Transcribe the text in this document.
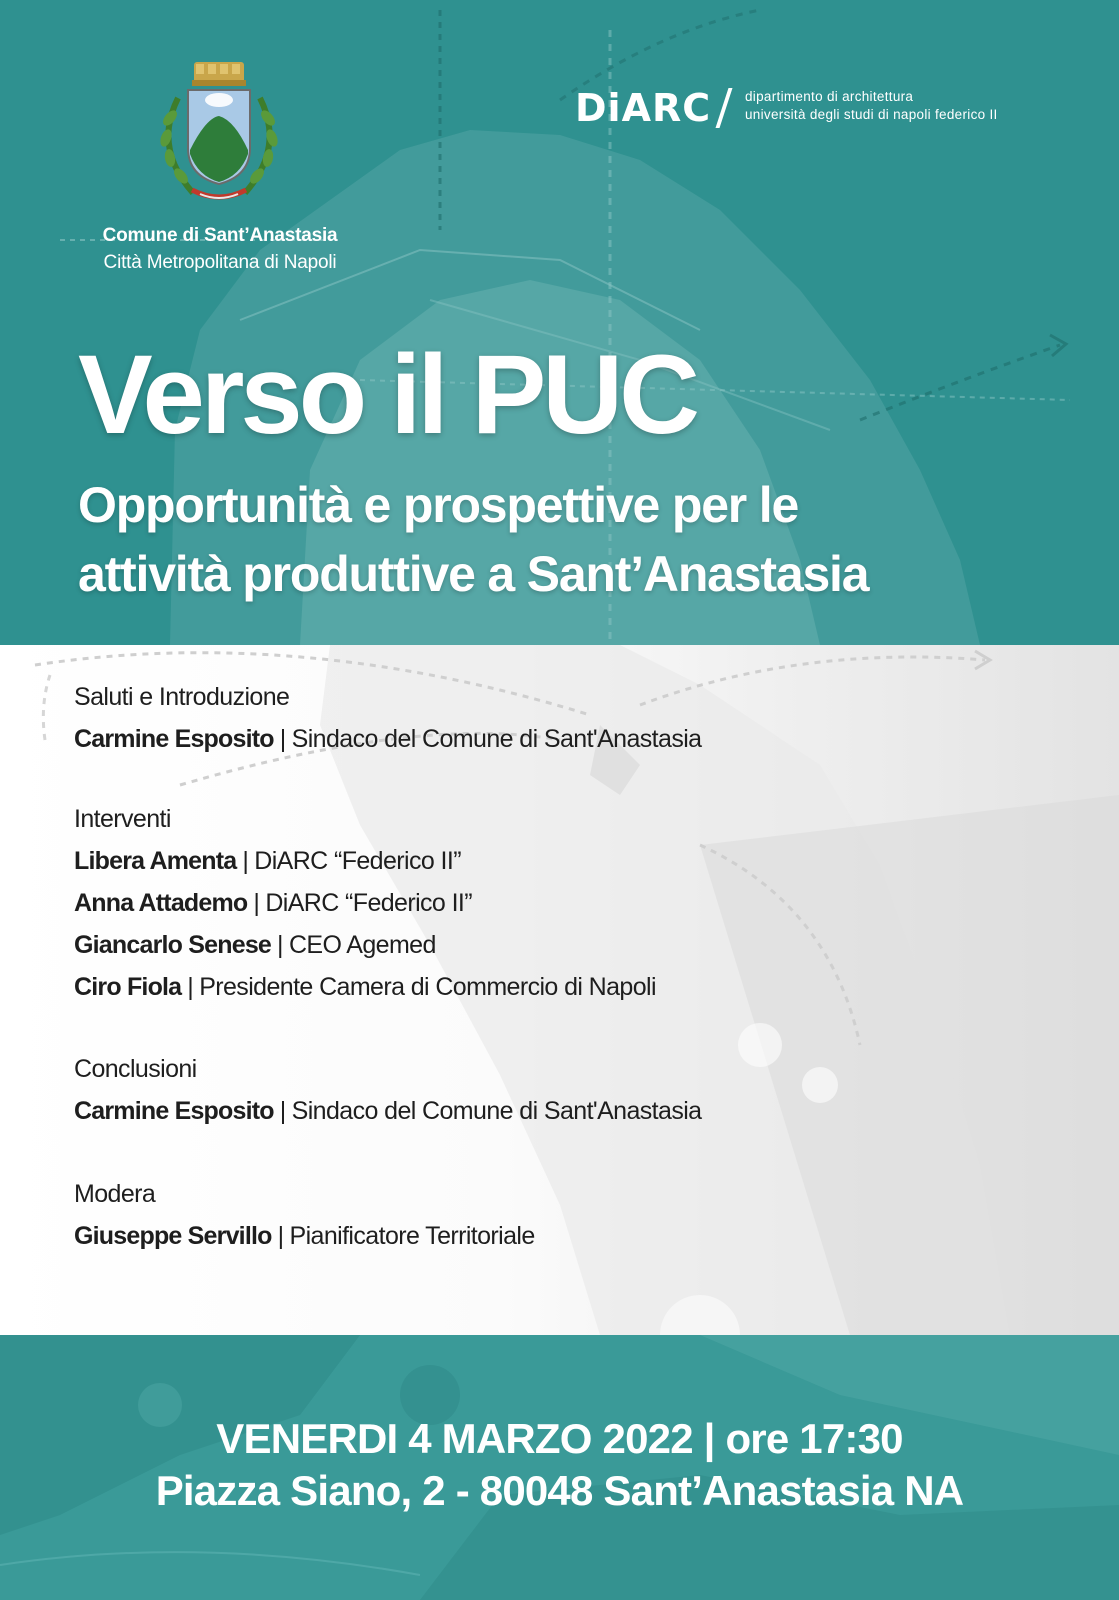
Comune di Sant’Anastasia
Città Metropolitana di Napoli
DiARC	dipartimento di architettura
università degli studi di napoli federico II
Verso il PUC
Opportunità e prospettive per le
attività produttive a Sant’Anastasia
Saluti e Introduzione
Carmine Esposito | Sindaco del Comune di Sant'Anastasia
Interventi
Libera Amenta | DiARC “Federico II”
Anna Attademo | DiARC “Federico II”
Giancarlo Senese | CEO Agemed
Ciro Fiola | Presidente Camera di Commercio di Napoli
Conclusioni
Carmine Esposito | Sindaco del Comune di Sant'Anastasia
Modera
Giuseppe Servillo | Pianificatore Territoriale
VENERDI 4 MARZO 2022 | ore 17:30
Piazza Siano, 2 - 80048 Sant’Anastasia NA
